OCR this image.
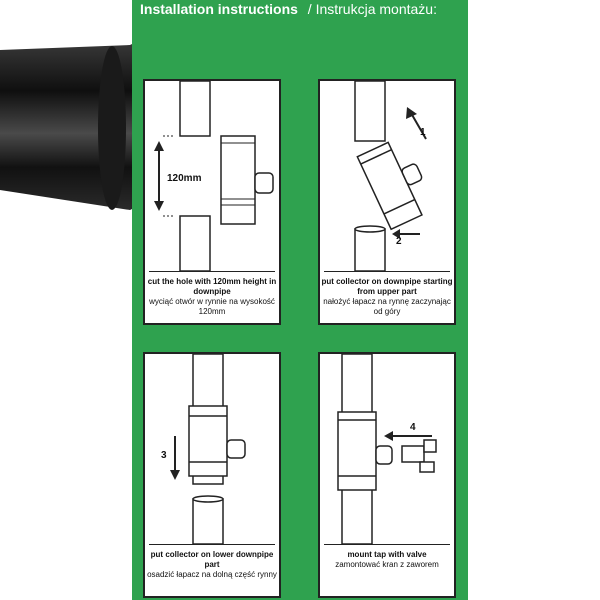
Installation instructions / Instrukcja montażu:
120mm
cut the hole with 120mm height in downpipe
wyciąć otwór w rynnie na wysokość 120mm
1
2
put collector on downpipe starting from upper part
nałożyć łapacz na rynnę zaczynając od góry
3
put collector on lower downpipe part
osadzić łapacz na dolną część rynny
4
mount tap with valve
zamontować kran z zaworem
